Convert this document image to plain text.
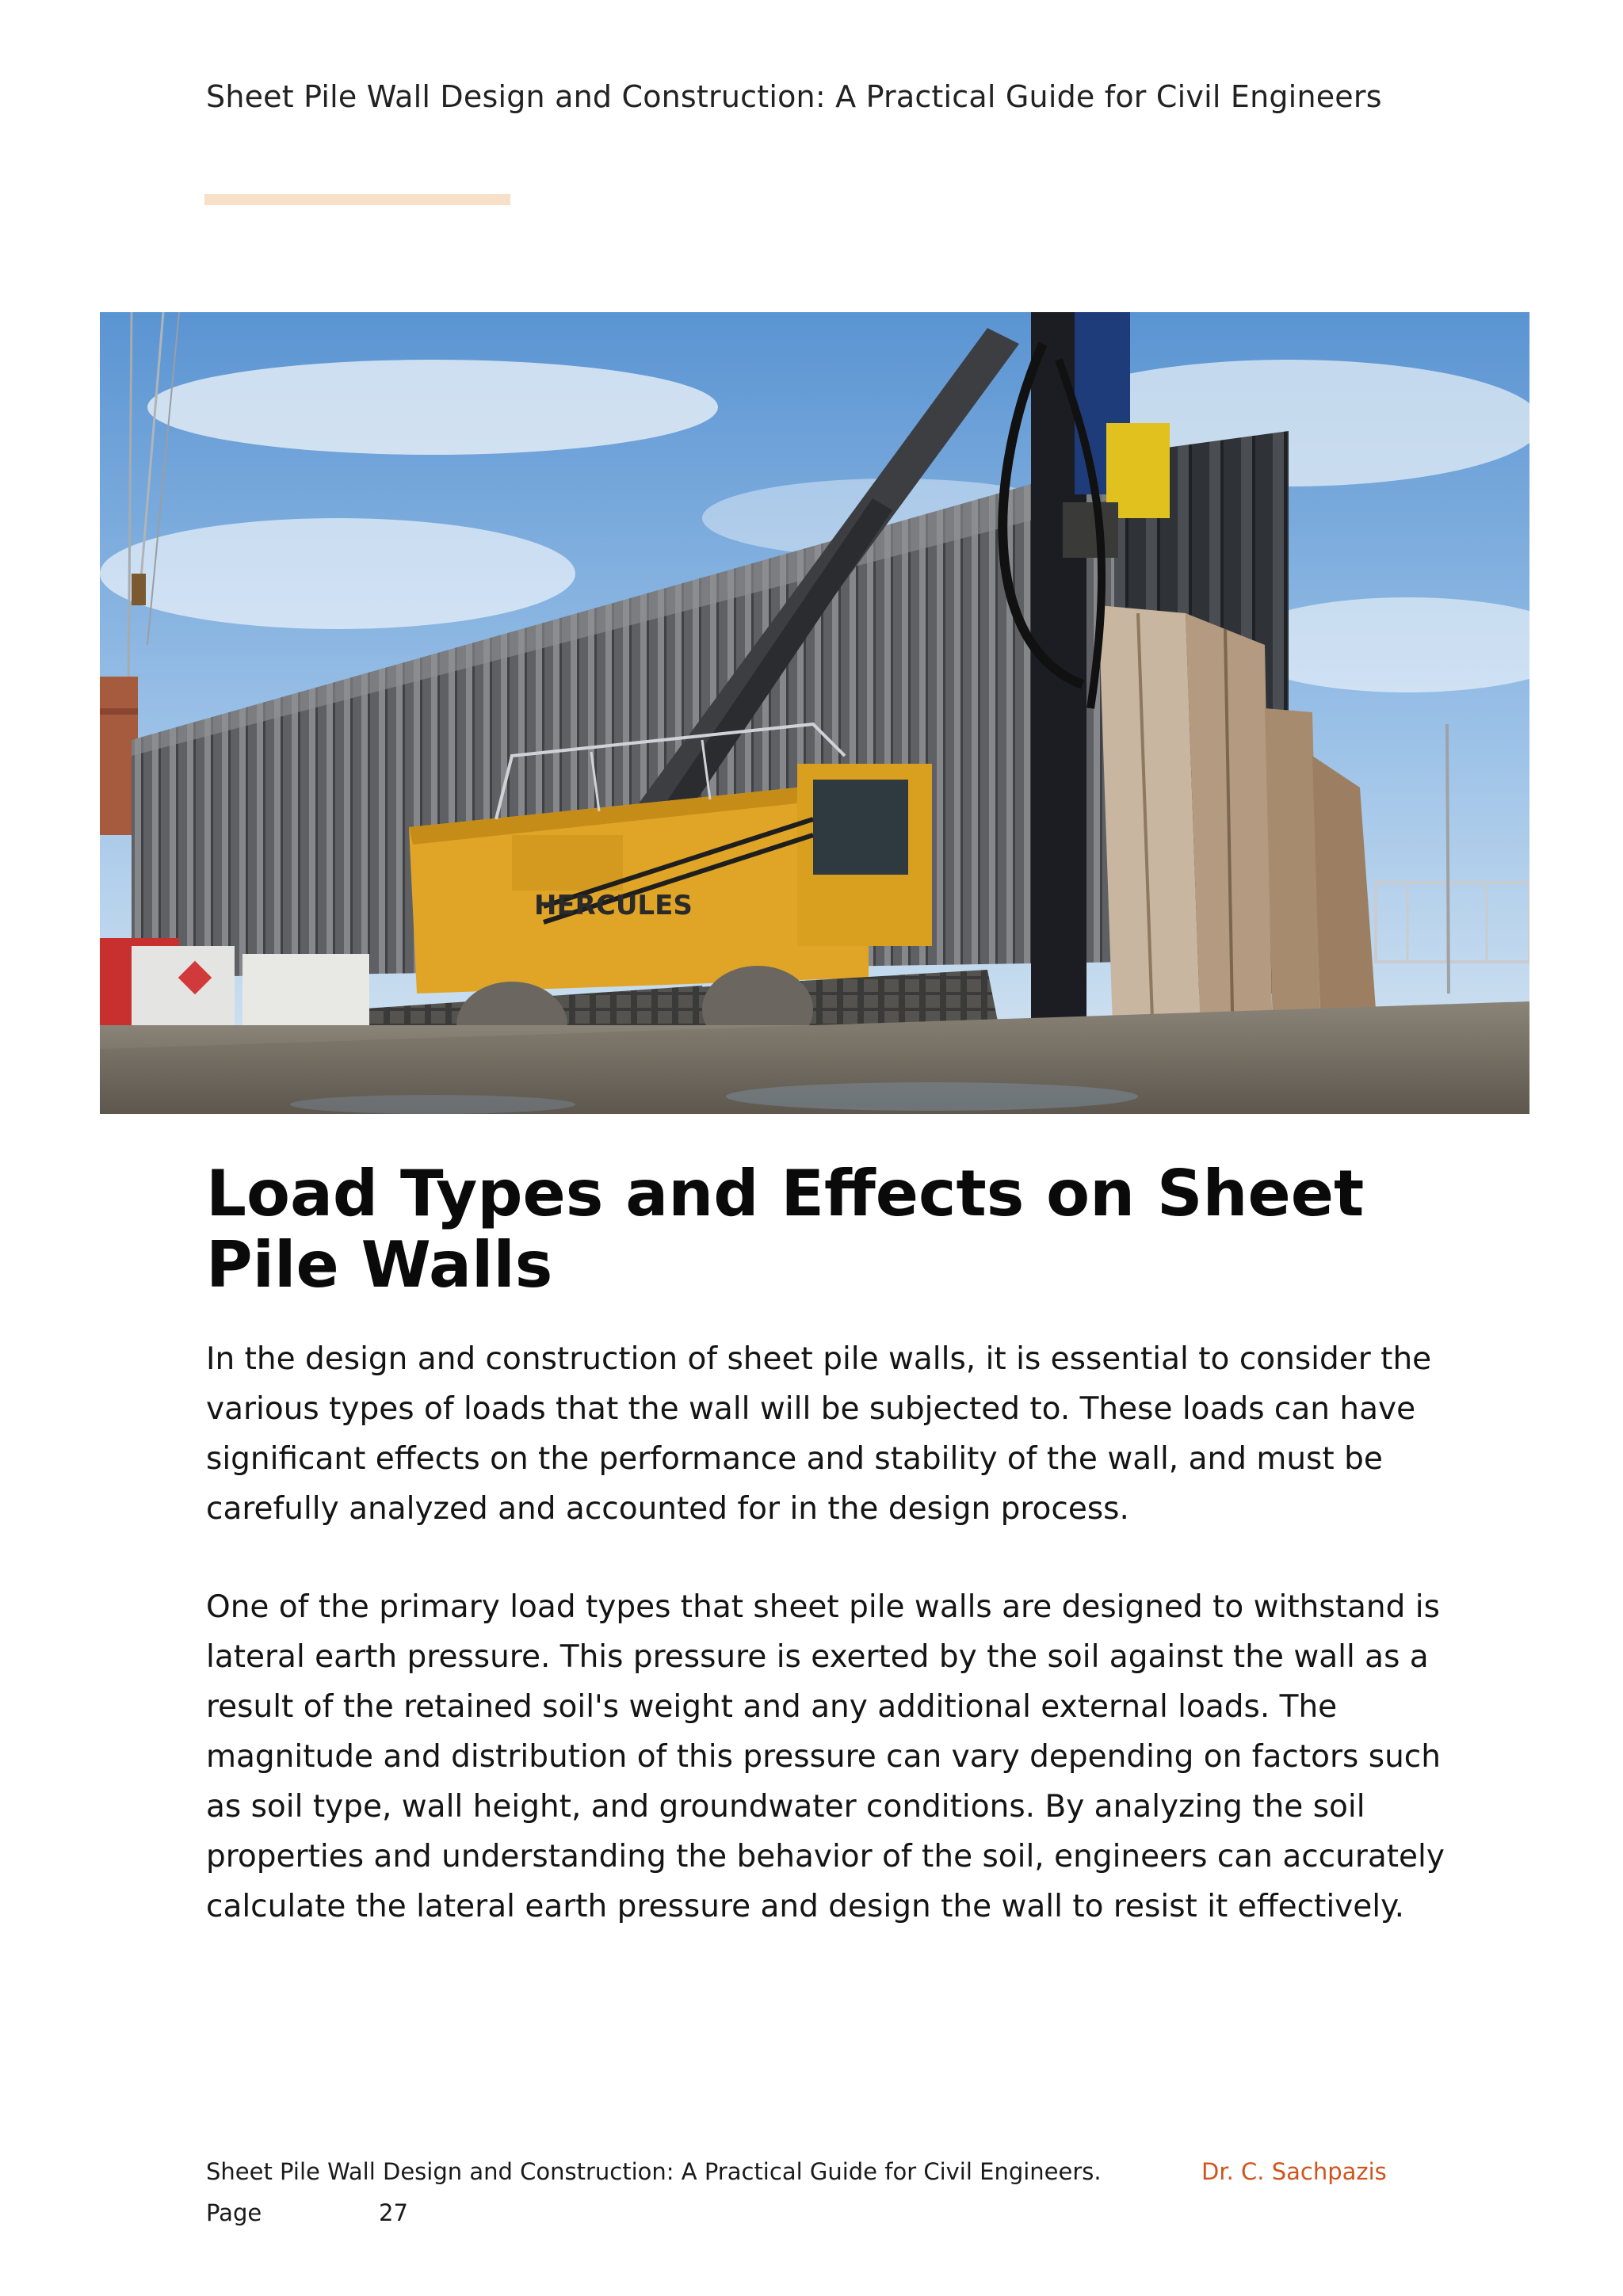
Sheet Pile Wall Design and Construction: A Practical Guide for Civil Engineers
HERCULES
Load Types and Effects on Sheet Pile Walls

In the design and construction of sheet pile walls, it is essential to consider the various types of loads that the wall will be subjected to. These loads can have significant effects on the performance and stability of the wall, and must be carefully analyzed and accounted for in the design process.

One of the primary load types that sheet pile walls are designed to withstand is lateral earth pressure. This pressure is exerted by the soil against the wall as a result of the retained soil's weight and any additional external loads. The magnitude and distribution of this pressure can vary depending on factors such as soil type, wall height, and groundwater conditions. By analyzing the soil properties and understanding the behavior of the soil, engineers can accurately calculate the lateral earth pressure and design the wall to resist it effectively.

Sheet Pile Wall Design and Construction: A Practical Guide for Civil Engineers.	Dr. C. Sachpazis
Page	27
